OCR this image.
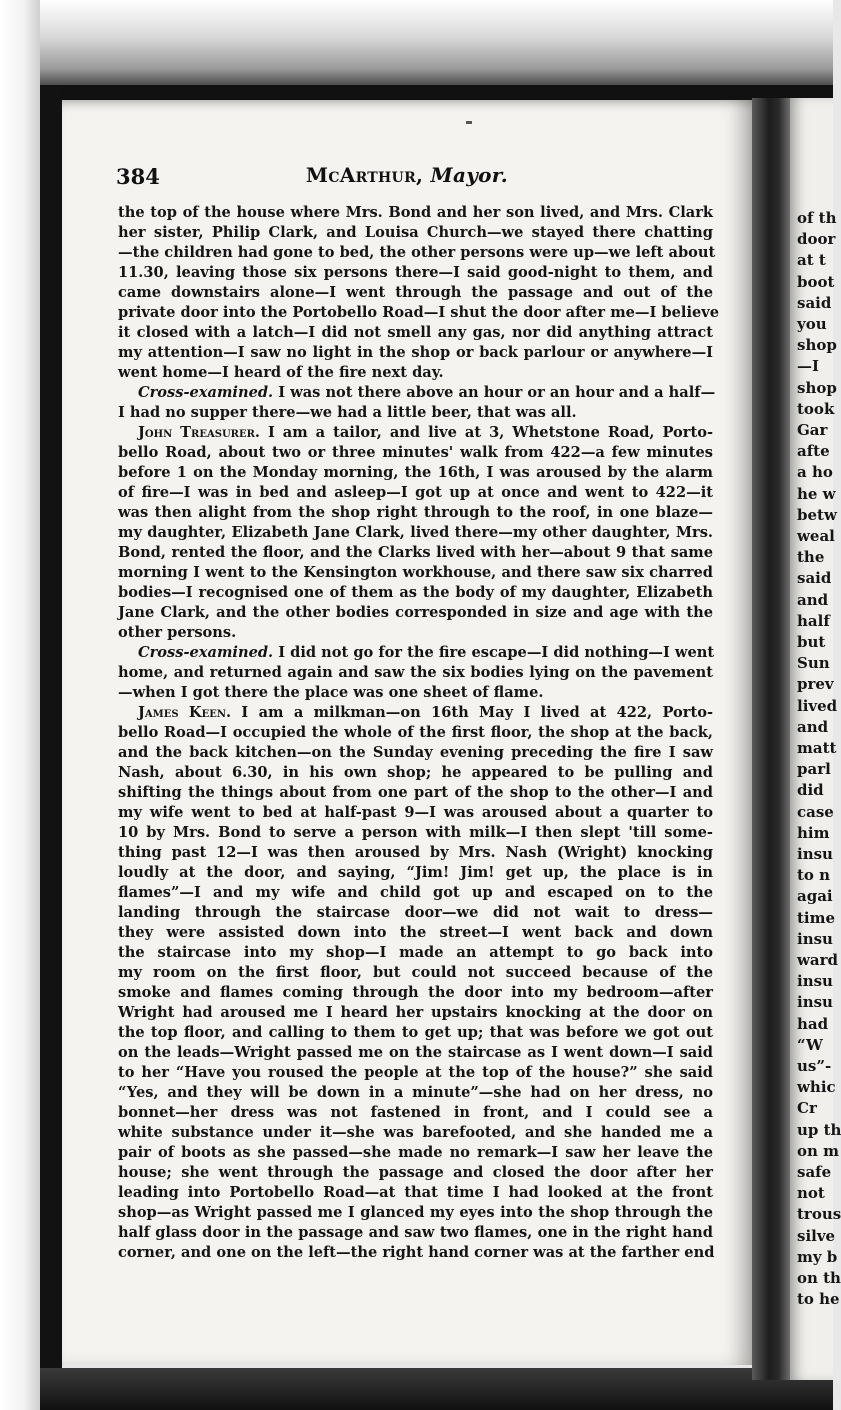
of th
door
at t
boot
said
you
shop
—I
shop
took
Gar
afte
a ho
he w
betw
weal
the
said
and
half
but
Sun
prev
lived
and
matt
parl
did
case
him
insu
to n
agai
time
insu
ward
insu
insu
had
“W
us”-
whic
Cr
up th
on m
safe
not
trous
silve
my b
on th
to he
384	McArthur, Mayor.
the top of the house where Mrs. Bond and her son lived, and Mrs. Clark
her sister, Philip Clark, and Louisa Church—we stayed there chatting
—the children had gone to bed, the other persons were up—we left about
11.30, leaving those six persons there—I said good-night to them, and
came downstairs alone—I went through the passage and out of the
private door into the Portobello Road—I shut the door after me—I believe
it closed with a latch—I did not smell any gas, nor did anything attract
my attention—I saw no light in the shop or back parlour or anywhere—I
went home—I heard of the fire next day.
Cross-examined. I was not there above an hour or an hour and a half—
I had no supper there—we had a little beer, that was all.
John Treasurer. I am a tailor, and live at 3, Whetstone Road, Porto-
bello Road, about two or three minutes' walk from 422—a few minutes
before 1 on the Monday morning, the 16th, I was aroused by the alarm
of fire—I was in bed and asleep—I got up at once and went to 422—it
was then alight from the shop right through to the roof, in one blaze—
my daughter, Elizabeth Jane Clark, lived there—my other daughter, Mrs.
Bond, rented the floor, and the Clarks lived with her—about 9 that same
morning I went to the Kensington workhouse, and there saw six charred
bodies—I recognised one of them as the body of my daughter, Elizabeth
Jane Clark, and the other bodies corresponded in size and age with the
other persons.
Cross-examined. I did not go for the fire escape—I did nothing—I went
home, and returned again and saw the six bodies lying on the pavement
—when I got there the place was one sheet of flame.
James Keen. I am a milkman—on 16th May I lived at 422, Porto-
bello Road—I occupied the whole of the first floor, the shop at the back,
and the back kitchen—on the Sunday evening preceding the fire I saw
Nash, about 6.30, in his own shop; he appeared to be pulling and
shifting the things about from one part of the shop to the other—I and
my wife went to bed at half-past 9—I was aroused about a quarter to
10 by Mrs. Bond to serve a person with milk—I then slept 'till some-
thing past 12—I was then aroused by Mrs. Nash (Wright) knocking
loudly at the door, and saying, “Jim! Jim! get up, the place is in
flames”—I and my wife and child got up and escaped on to the
landing through the staircase door—we did not wait to dress—
they were assisted down into the street—I went back and down
the staircase into my shop—I made an attempt to go back into
my room on the first floor, but could not succeed because of the
smoke and flames coming through the door into my bedroom—after
Wright had aroused me I heard her upstairs knocking at the door on
the top floor, and calling to them to get up; that was before we got out
on the leads—Wright passed me on the staircase as I went down—I said
to her “Have you roused the people at the top of the house?” she said
“Yes, and they will be down in a minute”—she had on her dress, no
bonnet—her dress was not fastened in front, and I could see a
white substance under it—she was barefooted, and she handed me a
pair of boots as she passed—she made no remark—I saw her leave the
house; she went through the passage and closed the door after her
leading into Portobello Road—at that time I had looked at the front
shop—as Wright passed me I glanced my eyes into the shop through the
half glass door in the passage and saw two flames, one in the right hand
corner, and one on the left—the right hand corner was at the farther end
